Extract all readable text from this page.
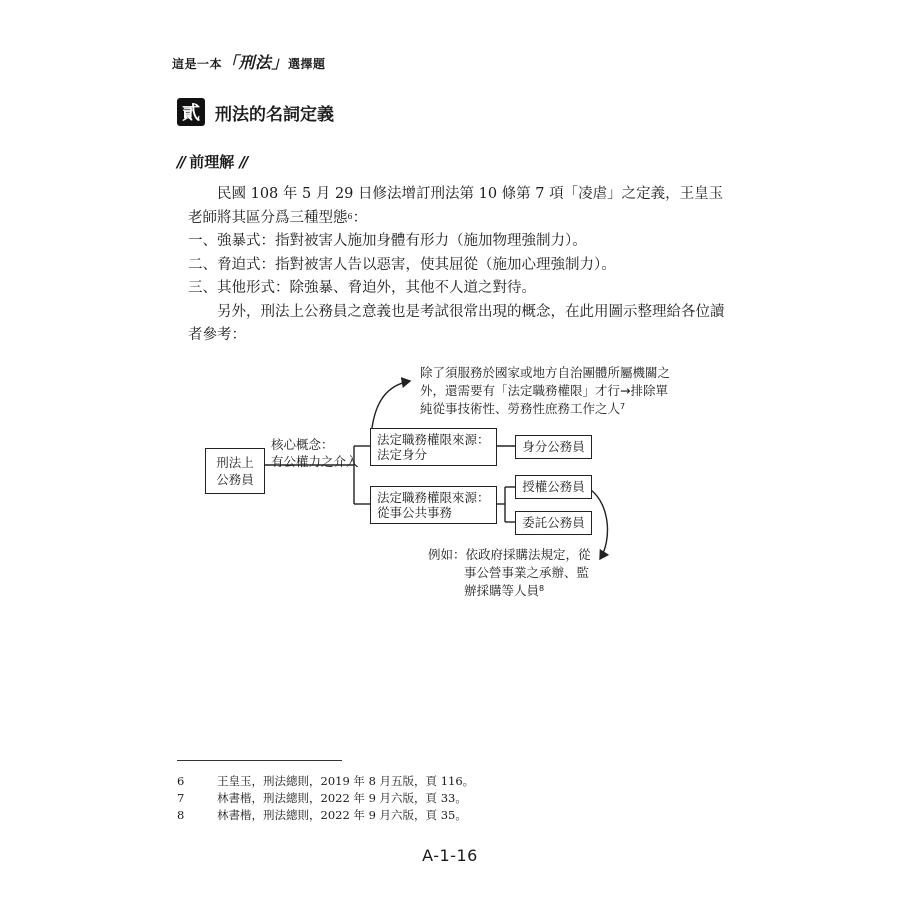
這是一本「刑法」選擇題
貳 刑法的名詞定義
// 前理解 //

民國 108 年 5 月 29 日修法增訂刑法第 10 條第 7 項「凌虐」之定義，王皇玉老師將其區分爲三種型態$^6$：

一、強暴式：指對被害人施加身體有形力（施加物理強制力）。

二、脅迫式：指對被害人告以惡害，使其屈從（施加心理強制力）。

三、其他形式：除強暴、脅迫外，其他不人道之對待。

另外，刑法上公務員之意義也是考試很常出現的概念，在此用圖示整理給各位讀者參考：

刑法上
公務員
核心概念：
有公權力之介入
法定職務權限來源：
法定身分
法定職務權限來源：
從事公共事務
身分公務員
授權公務員
委託公務員
除了須服務於國家或地方自治團體所屬機關之
外，還需要有「法定職務權限」才行→排除單
純從事技術性、勞務性庶務工作之人$^7$
例如：依政府採購法規定，從
事公營事業之承辦、監
辦採購等人員$^8$
6	王皇玉，刑法總則，2019 年 8 月五版，頁 116。
7	林書楷，刑法總則，2022 年 9 月六版，頁 33。
8	林書楷，刑法總則，2022 年 9 月六版，頁 35。
A-1-16
